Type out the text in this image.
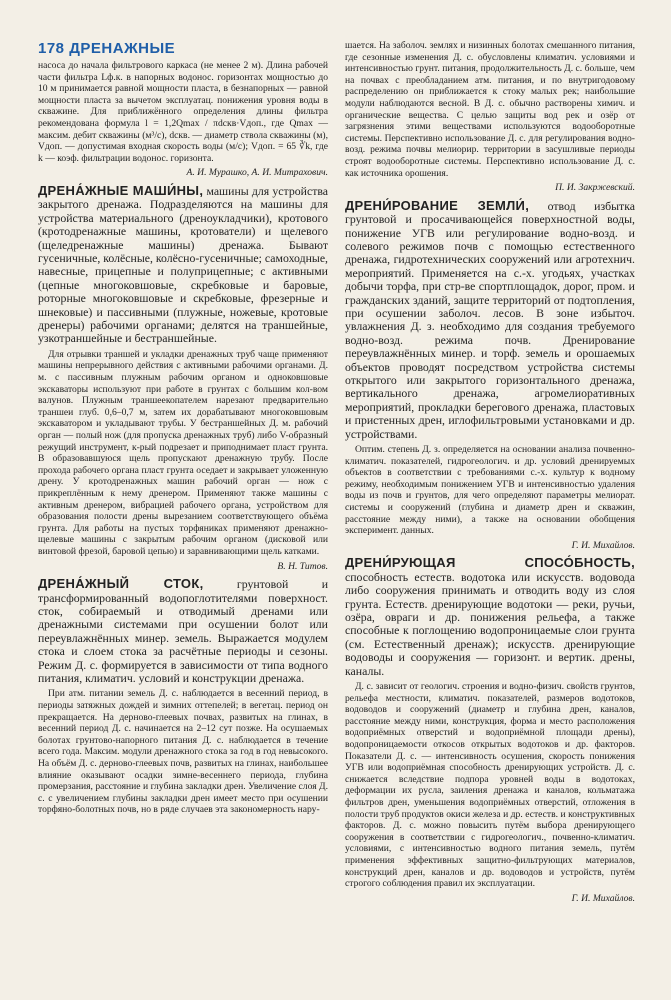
178 ДРЕНАЖНЫЕ

насоса до начала фильтрового каркаса (не менее 2 м). Длина рабочей части фильтра Lф.к. в напорных водонос. горизонтах мощностью до 10 м принимается равной мощности пласта, в безнапорных — равной мощности пласта за вычетом эксплуатац. понижения уровня воды в скважине. Для приближённого определения длины фильтра рекомендована формула l = 1,2Qmax / πdскв·Vдоп., где Qmax — максим. дебит скважины (м³/с), dскв. — диаметр ствола скважины (м), Vдоп. — допустимая входная скорость воды (м/с); Vдоп. = 65 ∛k, где k — коэф. фильтрации водонос. горизонта.

А. И. Мурашко, А. И. Митрахович.

ДРЕНА́ЖНЫЕ МАШИ́НЫ, машины для устройства закрытого дренажа. Подразделяются на машины для устройства материального (дреноукладчики), кротового (кротодренажные машины, кротователи) и щелевого (щеледренажные машины) дренажа. Бывают гусеничные, колёсные, колёсно-гусеничные; самоходные, навесные, прицепные и полуприцепные; с активными (цепные многоковшовые, скребковые и баровые, роторные многоковшовые и скребковые, фрезерные и шнековые) и пассивными (плужные, ножевые, кротовые дренеры) рабочими органами; делятся на траншейные, узкотраншейные и бестраншейные.

Для отрывки траншей и укладки дренажных труб чаще применяют машины непрерывного действия с активными рабочими органами. Д. м. с пассивным плужным рабочим органом и одноковшовые экскаваторы используют при работе в грунтах с большим кол-вом валунов. Плужным траншеекопателем нарезают предварительно траншеи глуб. 0,6–0,7 м, затем их дорабатывают многоковшовым экскаватором и укладывают трубы. У бестраншейных Д. м. рабочий орган — полый нож (для пропуска дренажных труб) либо V-образный режущий инструмент, к-рый подрезает и приподнимает пласт грунта. В образовавшуюся щель пропускают дренажную трубу. После прохода рабочего органа пласт грунта оседает и закрывает уложенную дрену. У кротодренажных машин рабочий орган — нож с прикреплённым к нему дренером. Применяют также машины с активным дренером, вибрацией рабочего органа, устройством для образования полости дрены вырезанием соответствующего объёма грунта. Для работы на пустых торфяниках применяют дренажно-щелевые машины с закрытым рабочим органом (дисковой или винтовой фрезой, баровой цепью) и заравнивающими щель катками.

В. Н. Титов.

ДРЕНА́ЖНЫЙ СТОК,	грунтовой и трансформированный водопоглотителями поверхност. сток, собираемый и отводимый дренами или дренажными системами при осушении болот или переувлажнённых минер. земель. Выражается модулем стока и слоем стока за расчётные периоды и сезоны. Режим Д. с. формируется в зависимости от типа водного питания, климатич. условий и конструкции дренажа.

При атм. питании земель Д. с. наблюдается в весенний период, в периоды затяжных дождей и зимних оттепелей; в вегетац. период он прекращается. На дерново-глеевых почвах, развитых на глинах, в весенний период Д. с. начинается на 2–12 сут позже. На осушаемых болотах грунтово-напорного питания Д. с. наблюдается в течение всего года. Максим. модули дренажного стока за год в год невысокого. На объём Д. с. дерново-глеевых почв, развитых на глинах, наибольшее влияние оказывают осадки зимне-весеннего периода, глубина промерзания, расстояние и глубина закладки дрен. Увеличение слоя Д. с. с увеличением глубины закладки дрен имеет место при осушении торфяно-болотных почв, но в ряде случаев эта закономерность нару-

шается. На заболоч. землях и низинных болотах смешанного питания, где сезонные изменения Д. с. обусловлены климатич. условиями и интенсивностью грунт. питания, продолжительность Д. с. больше, чем на почвах с преобладанием атм. питания, и по внутригодовому распределению он приближается к стоку малых рек; наибольшие модули наблюдаются весной. В Д. с. обычно растворены химич. и органические вещества. С целью защиты вод рек и озёр от загрязнения этими веществами используются водооборотные системы. Перспективно использование Д. с. для регулирования водно-возд. режима почвы мелиорир. территории в засушливые периоды строят водооборотные системы. Перспективно использование Д. с. как источника орошения.

П. И. Закржевский.

ДРЕНИ́РОВАНИЕ ЗЕМЛИ́, отвод избытка грунтовой и просачивающейся поверхностной воды, понижение УГВ или регулирование водно-возд. и солевого режимов почв с помощью естественного дренажа, гидротехнических сооружений или агротехнич. мероприятий. Применяется на с.-х. угодьях, участках добычи торфа, при стр-ве спортплощадок, дорог, пром. и гражданских зданий, защите территорий от подтопления, при осушении заболоч. лесов. В зоне избыточ. увлажнения Д. з. необходимо для создания требуемого водно-возд. режима почв. Дренирование переувлажнённых минер. и торф. земель и орошаемых объектов проводят посредством устройства системы открытого или закрытого горизонтального дренажа, вертикального дренажа, агромелиоративных мероприятий, прокладки берегового дренажа, пластовых и пристенных дрен, иглофильтровыми установками и др. устройствами.

Оптим. степень Д. з. определяется на основании анализа почвенно-климатич. показателей, гидрогеологич. и др. условий дренируемых объектов в соответствии с требованиями с.-х. культур к водному режиму, необходимым понижением УГВ и интенсивностью удаления воды из почв и грунтов, для чего определяют параметры мелиорат. системы и сооружений (глубина и диаметр дрен и скважин, расстояние между ними), а также на основании обобщения эксперимент. данных.

Г. И. Михайлов.

ДРЕНИ́РУЮЩАЯ СПОСО́БНОСТЬ, способность естеств. водотока или искусств. водовода либо сооружения принимать и отводить воду из слоя грунта. Естеств. дренирующие водотоки — реки, ручьи, озёра, овраги и др. понижения рельефа, а также способные к поглощению водопроницаемые слои грунта (см. Естественный дренаж); искусств. дренирующие водоводы и сооружения — горизонт. и вертик. дрены, каналы.

Д. с. зависит от геологич. строения и водно-физич. свойств грунтов, рельефа местности, климатич. показателей, размеров водотоков, водоводов и сооружений (диаметр и глубина дрен, каналов, расстояние между ними, конструкция, форма и место расположения водоприёмных отверстий и водоприёмной площади дрены), водопроницаемости откосов открытых водотоков и др. факторов. Показатели Д. с. — интенсивность осушения, скорость понижения УГВ или водоприёмная способность дренирующих устройств. Д. с. снижается вследствие подпора уровней воды в водотоках, деформации их русла, заиления дренажа и каналов, кольматажа фильтров дрен, уменьшения водоприёмных отверстий, отложения в полости труб продуктов окиси железа и др. естеств. и конструктивных факторов. Д. с. можно повысить путём выбора дренирующего сооружения в соответствии с гидрогеологич., почвенно-климатич. условиями, с интенсивностью водного питания земель, путём применения эффективных защитно-фильтрующих материалов, конструкций дрен, каналов и др. водоводов и устройств, путём строгого соблюдения правил их эксплуатации.

Г. И. Михайлов.
